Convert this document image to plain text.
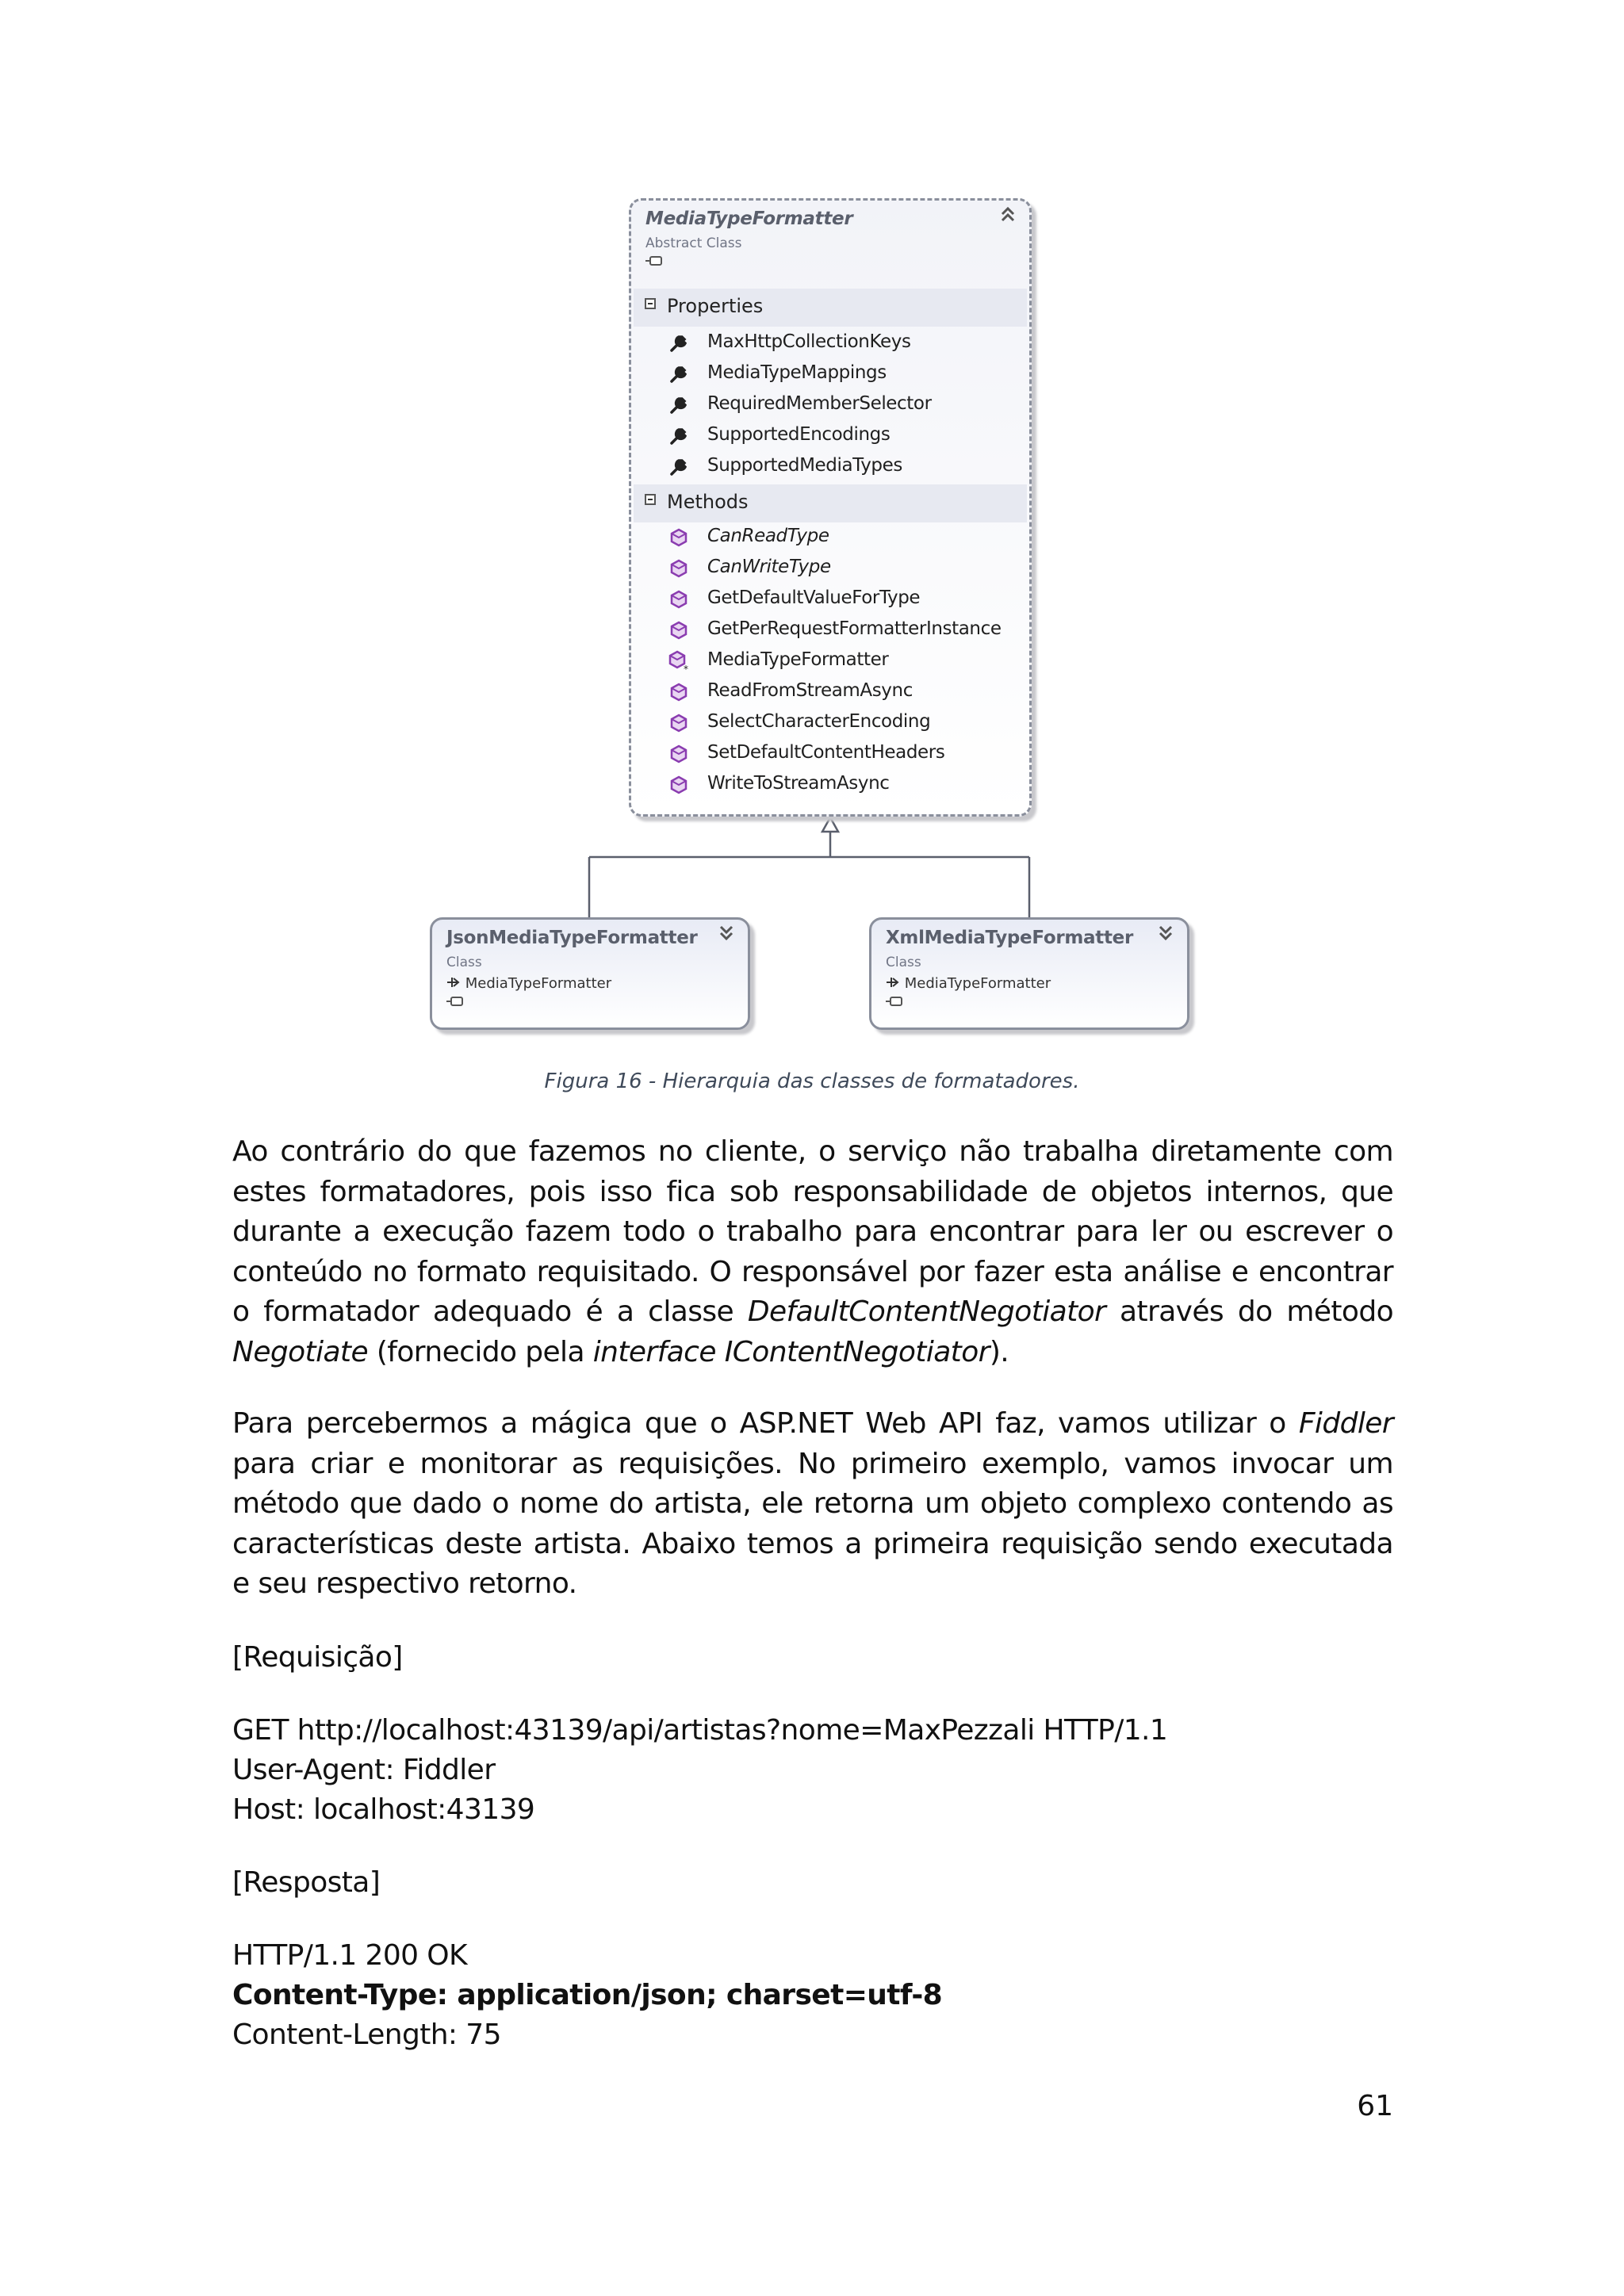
MediaTypeFormatter
Abstract Class
Properties
MaxHttpCollectionKeys
MediaTypeMappings
RequiredMemberSelector
SupportedEncodings
SupportedMediaTypes
Methods
CanReadType
CanWriteType
GetDefaultValueForType
GetPerRequestFormatterInstance
* MediaTypeFormatter
ReadFromStreamAsync
SelectCharacterEncoding
SetDefaultContentHeaders
WriteToStreamAsync
JsonMediaTypeFormatter
Class
MediaTypeFormatter
XmlMediaTypeFormatter
Class
MediaTypeFormatter
Figura 16 - Hierarquia das classes de formatadores.

Ao contrário do que fazemos no cliente, o serviço não trabalha diretamente com estes formatadores, pois isso fica sob responsabilidade de objetos internos, que durante a execução fazem todo o trabalho para encontrar para ler ou escrever o conteúdo no formato requisitado. O responsável por fazer esta análise e encontrar o formatador adequado é a classe DefaultContentNegotiator através do método Negotiate (fornecido pela interface IContentNegotiator).

Para percebermos a mágica que o ASP.NET Web API faz, vamos utilizar o Fiddler para criar e monitorar as requisições. No primeiro exemplo, vamos invocar um método que dado o nome do artista, ele retorna um objeto complexo contendo as características deste artista. Abaixo temos a primeira requisição sendo executada e seu respectivo retorno.

[Requisição]
GET http://localhost:43139/api/artistas?nome=MaxPezzali HTTP/1.1
User-Agent: Fiddler
Host: localhost:43139
[Resposta]
HTTP/1.1 200 OK
Content-Type: application/json; charset=utf-8
Content-Length: 75
61
